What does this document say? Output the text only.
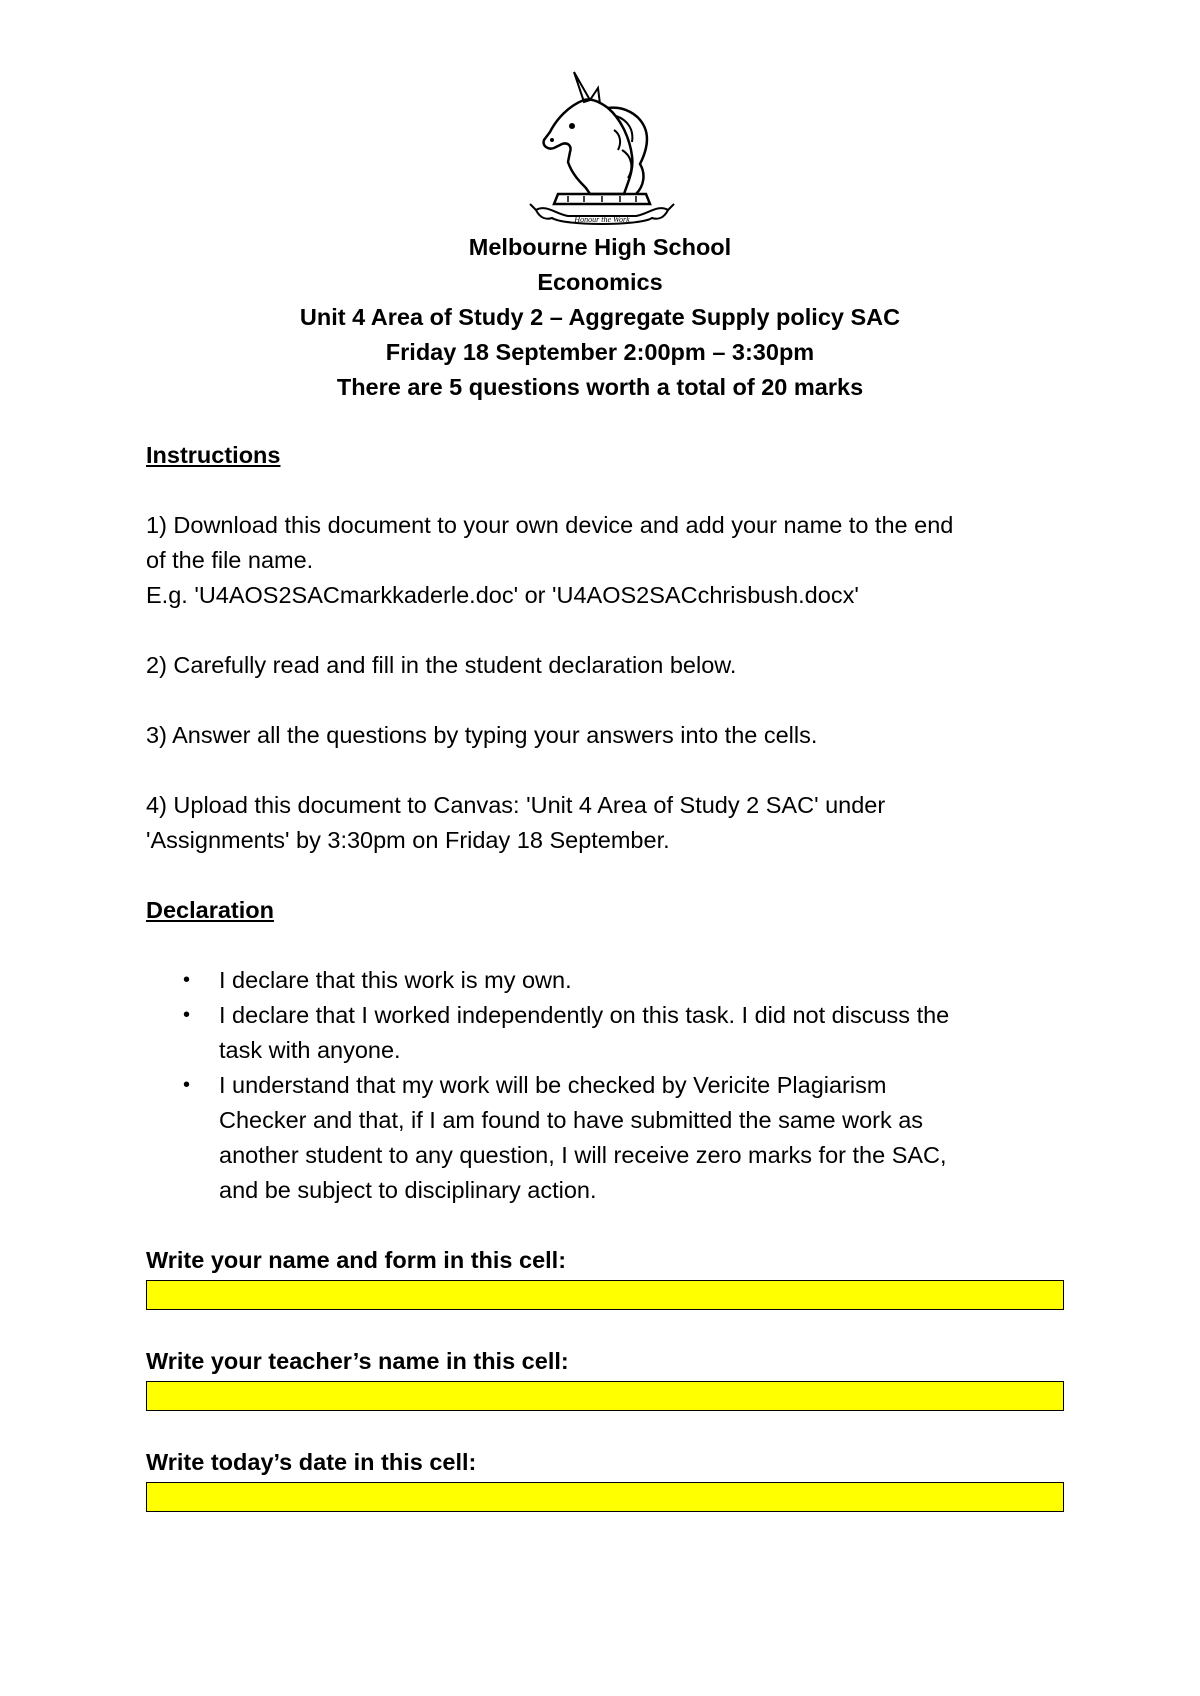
Honour the Work
Melbourne High School
Economics
Unit 4 Area of Study 2 – Aggregate Supply policy SAC
Friday 18 September 2:00pm – 3:30pm
There are 5 questions worth a total of 20 marks
Instructions
1) Download this document to your own device and add your name to the end
of the file name.
E.g. 'U4AOS2SACmarkkaderle.doc' or 'U4AOS2SACchrisbush.docx'
2) Carefully read and fill in the student declaration below.
3) Answer all the questions by typing your answers into the cells.
4) Upload this document to Canvas: 'Unit 4 Area of Study 2 SAC' under
'Assignments' by 3:30pm on Friday 18 September.
Declaration
• I declare that this work is my own.
• I declare that I worked independently on this task. I did not discuss the
task with anyone.
• I understand that my work will be checked by Vericite Plagiarism
Checker and that, if I am found to have submitted the same work as
another student to any question, I will receive zero marks for the SAC,
and be subject to disciplinary action.
Write your name and form in this cell:
Write your teacher’s name in this cell:
Write today’s date in this cell:
